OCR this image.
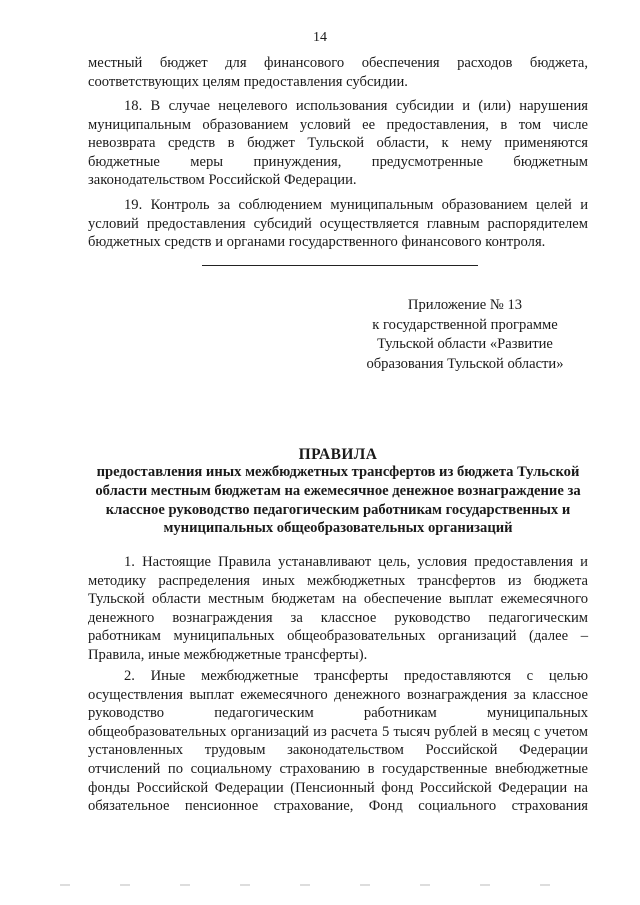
14

местный бюджет для финансового обеспечения расходов бюджета, соответствующих целям предоставления субсидии.

18. В случае нецелевого использования субсидии и (или) нарушения муниципальным образованием условий ее предоставления, в том числе невозврата средств в бюджет Тульской области, к нему применяются бюджетные меры принуждения, предусмотренные бюджетным законодательством Российской Федерации.

19. Контроль за соблюдением муниципальным образованием целей и условий предоставления субсидий осуществляется главным распорядителем бюджетных средств и органами государственного финансового контроля.

Приложение № 13
к государственной программе
Тульской области «Развитие
образования Тульской области»
ПРАВИЛА
предоставления иных межбюджетных трансфертов из бюджета Тульской области местным бюджетам на ежемесячное денежное вознаграждение за классное руководство педагогическим работникам государственных и муниципальных общеобразовательных организаций

1. Настоящие Правила устанавливают цель, условия предоставления и методику распределения иных межбюджетных трансфертов из бюджета Тульской области местным бюджетам на обеспечение выплат ежемесячного денежного вознаграждения за классное руководство педагогическим работникам муниципальных общеобразовательных организаций (далее – Правила, иные межбюджетные трансферты).

2. Иные межбюджетные трансферты предоставляются с целью осуществления выплат ежемесячного денежного вознаграждения за классное руководство педагогическим работникам муниципальных общеобразовательных организаций из расчета 5 тысяч рублей в месяц с учетом установленных трудовым законодательством Российской Федерации отчислений по социальному страхованию в государственные внебюджетные фонды Российской Федерации (Пенсионный фонд Российской Федерации на обязательное пенсионное страхование, Фонд социального страхования
